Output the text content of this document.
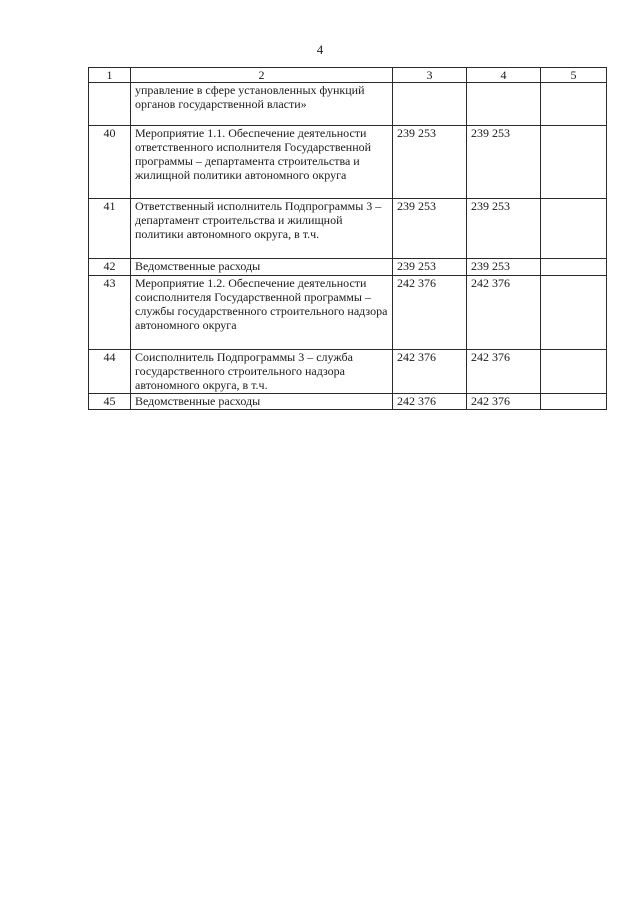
4
1	2	3	4	5
	управление в сфере установленных функций органов государственной власти»			
40	Мероприятие 1.1. Обеспечение деятельности ответственного исполнителя Государственной программы – департамента строительства и жилищной политики автономного округа	239 253	239 253	
41	Ответственный исполнитель Подпрограммы 3 – департамент строительства и жилищной политики автономного округа, в т.ч.	239 253	239 253	
42	Ведомственные расходы	239 253	239 253	
43	Мероприятие 1.2. Обеспечение деятельности соисполнителя Государственной программы – службы государственного строительного надзора автономного округа	242 376	242 376	
44	Соисполнитель Подпрограммы 3 – служба государственного строительного надзора автономного округа, в т.ч.	242 376	242 376	
45	Ведомственные расходы	242 376	242 376	
